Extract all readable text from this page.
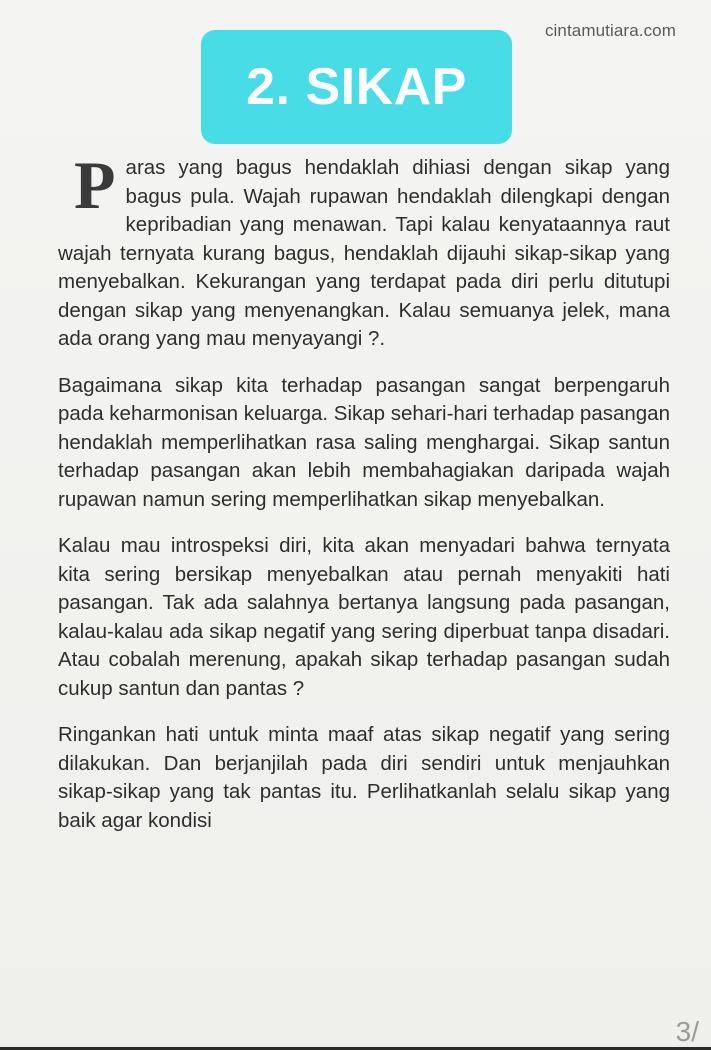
cintamutiara.com
2. SIKAP

P aras yang bagus hendaklah dihiasi dengan sikap yang bagus pula. Wajah rupawan hendaklah dilengkapi dengan kepribadian yang menawan. Tapi kalau kenyataannya raut wajah ternyata kurang bagus, hendaklah dijauhi sikap-sikap yang menyebalkan. Kekurangan yang terdapat pada diri perlu ditutupi dengan sikap yang menyenangkan. Kalau semuanya jelek, mana ada orang yang mau menyayangi ?.

Bagaimana sikap kita terhadap pasangan sangat berpengaruh pada keharmonisan keluarga. Sikap sehari-hari terhadap pasangan hendaklah memperlihatkan rasa saling menghargai. Sikap santun terhadap pasangan akan lebih membahagiakan daripada wajah rupawan namun sering memperlihatkan sikap menyebalkan.

Kalau mau introspeksi diri, kita akan menyadari bahwa ternyata kita sering bersikap menyebalkan atau pernah menyakiti hati pasangan. Tak ada salahnya bertanya langsung pada pasangan, kalau-kalau ada sikap negatif yang sering diperbuat tanpa disadari. Atau cobalah merenung, apakah sikap terhadap pasangan sudah cukup santun dan pantas ?

Ringankan hati untuk minta maaf atas sikap negatif yang sering dilakukan. Dan berjanjilah pada diri sendiri untuk menjauhkan sikap-sikap yang tak pantas itu. Perlihatkanlah selalu sikap yang baik agar kondisi

3/
